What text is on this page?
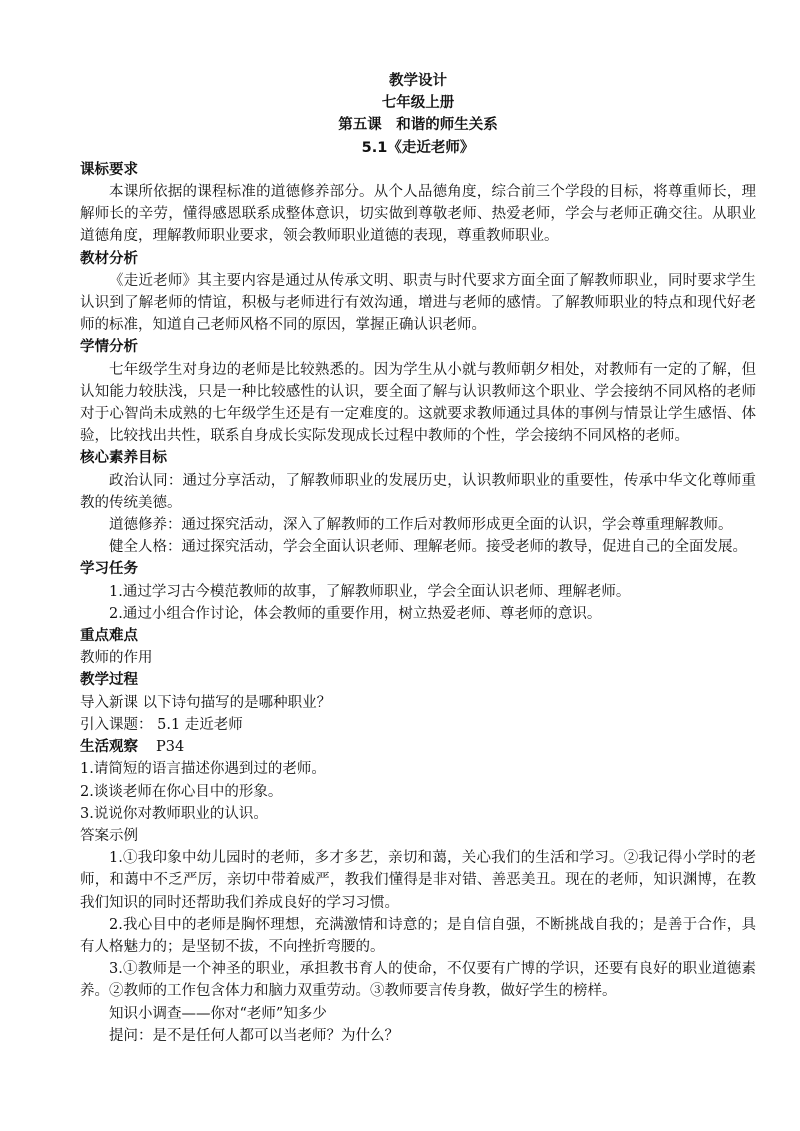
教学设计
七年级上册
第五课　和谐的师生关系
5.1《走近老师》
课标要求

本课所依据的课程标准的道德修养部分。从个人品德角度，综合前三个学段的目标，将尊重师长，理解师长的辛劳，懂得感恩联系成整体意识，切实做到尊敬老师、热爱老师，学会与老师正确交往。从职业道德角度，理解教师职业要求，领会教师职业道德的表现，尊重教师职业。

教材分析

《走近老师》其主要内容是通过从传承文明、职责与时代要求方面全面了解教师职业，同时要求学生认识到了解老师的情谊，积极与老师进行有效沟通，增进与老师的感情。了解教师职业的特点和现代好老师的标准，知道自己老师风格不同的原因，掌握正确认识老师。

学情分析

七年级学生对身边的老师是比较熟悉的。因为学生从小就与教师朝夕相处，对教师有一定的了解，但认知能力较肤浅，只是一种比较感性的认识，要全面了解与认识教师这个职业、学会接纳不同风格的老师对于心智尚未成熟的七年级学生还是有一定难度的。这就要求教师通过具体的事例与情景让学生感悟、体验，比较找出共性，联系自身成长实际发现成长过程中教师的个性，学会接纳不同风格的老师。

核心素养目标

政治认同：通过分享活动，了解教师职业的发展历史，认识教师职业的重要性，传承中华文化尊师重教的传统美德。

道德修养：通过探究活动，深入了解教师的工作后对教师形成更全面的认识，学会尊重理解教师。

健全人格：通过探究活动，学会全面认识老师、理解老师。接受老师的教导，促进自己的全面发展。

学习任务

1.通过学习古今模范教师的故事，了解教师职业，学会全面认识老师、理解老师。

2.通过小组合作讨论，体会教师的重要作用，树立热爱老师、尊老师的意识。

重点难点

教师的作用

教学过程

导入新课 以下诗句描写的是哪种职业？

引入课题： 5.1 走近老师

生活观察 P34

1.请简短的语言描述你遇到过的老师。

2.谈谈老师在你心目中的形象。

3.说说你对教师职业的认识。

答案示例

1.①我印象中幼儿园时的老师，多才多艺，亲切和蔼，关心我们的生活和学习。②我记得小学时的老师，和蔼中不乏严厉，亲切中带着威严，教我们懂得是非对错、善恶美丑。现在的老师，知识渊博，在教我们知识的同时还帮助我们养成良好的学习习惯。

2.我心目中的老师是胸怀理想，充满激情和诗意的；是自信自强，不断挑战自我的；是善于合作，具有人格魅力的；是坚韧不拔，不向挫折弯腰的。

3.①教师是一个神圣的职业，承担教书育人的使命，不仅要有广博的学识，还要有良好的职业道德素养。②教师的工作包含体力和脑力双重劳动。③教师要言传身教，做好学生的榜样。

知识小调查——你对“老师”知多少

提问：是不是任何人都可以当老师？为什么？
